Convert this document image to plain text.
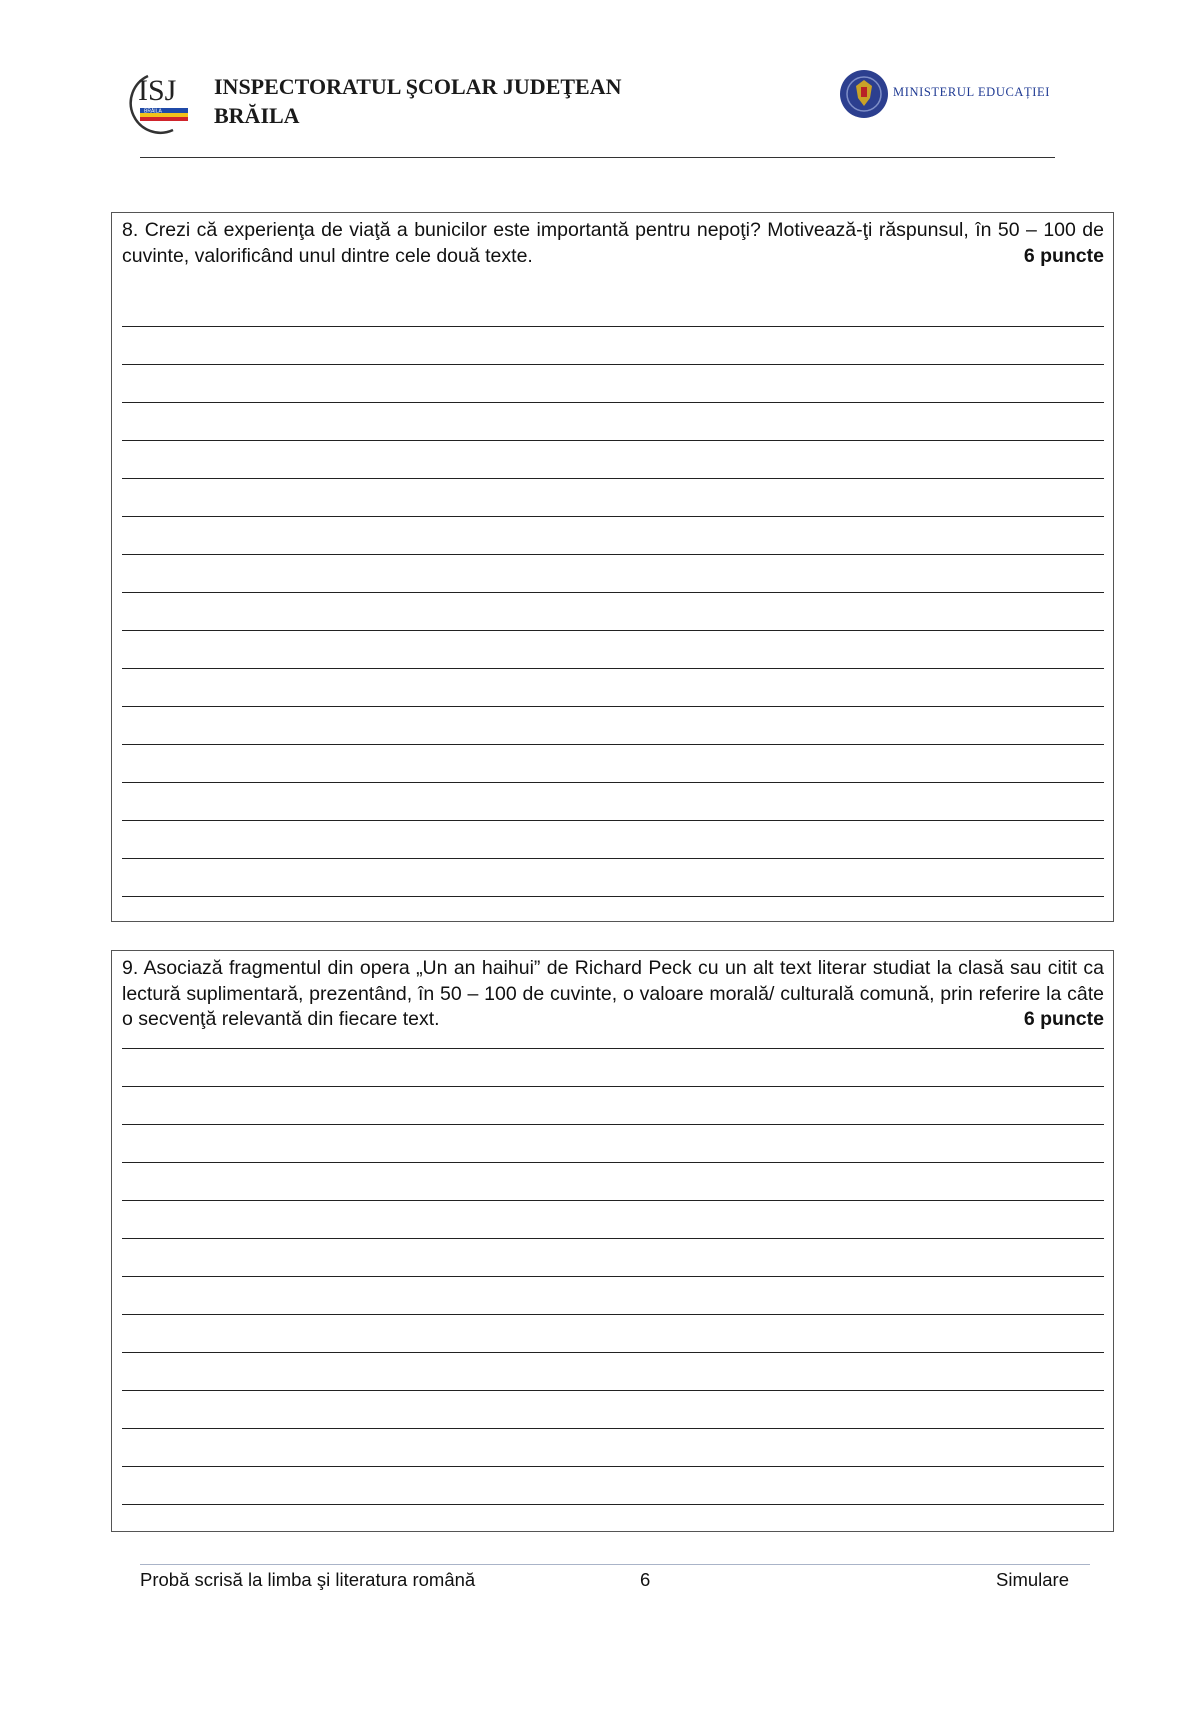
ISJ
BRĂILA
INSPECTORATUL ŞCOLAR JUDEŢEAN
BRĂILA
MINISTERUL EDUCAȚIEI
8. Crezi că experienţa de viaţă a bunicilor este importantă pentru nepoţi? Motivează-ţi răspunsul, în 50 – 100 de cuvinte, valorificând unul dintre cele două texte.	6 puncte
9. Asociază fragmentul din opera „Un an haihui” de Richard Peck cu un alt text literar studiat la clasă sau citit ca lectură suplimentară, prezentând, în 50 – 100 de cuvinte, o valoare morală/ culturală comună, prin referire la câte o secvenţă relevantă din fiecare text.	6 puncte
Probă scrisă la limba şi literatura română	6	Simulare
